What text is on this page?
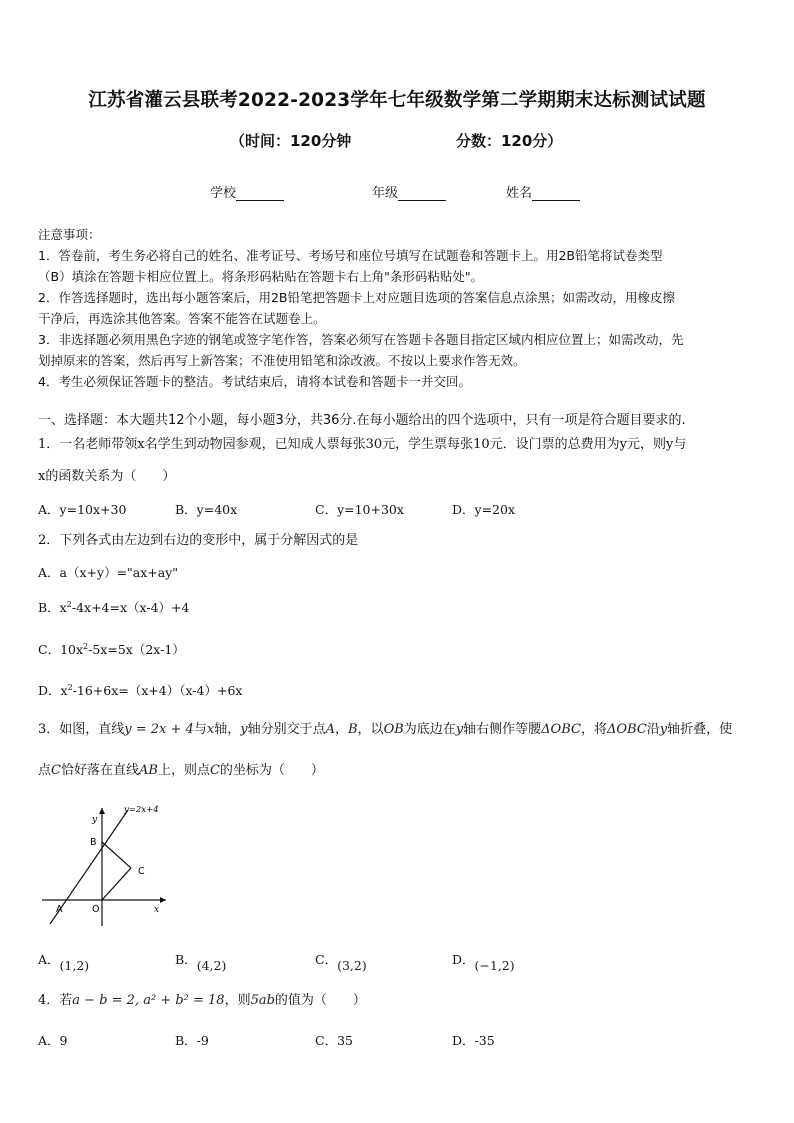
江苏省灌云县联考2022-2023学年七年级数学第二学期期末达标测试试题
（时间：120分钟	分数：120分）
学校	年级	姓名

注意事项：

1．答卷前，考生务必将自己的姓名、准考证号、考场号和座位号填写在试题卷和答题卡上。用2B铅笔将试卷类型

（B）填涂在答题卡相应位置上。将条形码粘贴在答题卡右上角"条形码粘贴处"。

2．作答选择题时，选出每小题答案后，用2B铅笔把答题卡上对应题目选项的答案信息点涂黑；如需改动，用橡皮擦

干净后，再选涂其他答案。答案不能答在试题卷上。

3．非选择题必须用黑色字迹的钢笔或签字笔作答，答案必须写在答题卡各题目指定区域内相应位置上；如需改动，先

划掉原来的答案，然后再写上新答案；不准使用铅笔和涂改液。不按以上要求作答无效。

4．考生必须保证答题卡的整洁。考试结束后，请将本试卷和答题卡一并交回。

一、选择题：本大题共12个小题，每小题3分，共36分.在每小题给出的四个选项中，只有一项是符合题目要求的.
1．一名老师带领x名学生到动物园参观，已知成人票每张30元，学生票每张10元．设门票的总费用为y元，则y与
x的函数关系为（　　）
A．y=10x+30	B．y=40x	C．y=10+30x	D．y=20x
2．下列各式由左边到右边的变形中，属于分解因式的是
A．a（x+y）="ax+ay"
B．$x^2-4x+4=x(x-4)+4$
C．$10x^2-5x=5x(2x-1)$
D．$x^2-16+6x=(x+4)(x-4)+6x$
3．如图，直线y = 2x + 4与x轴，y轴分别交于点A，B，以OB为底边在y轴右侧作等腰ΔOBC，将ΔOBC沿y轴折叠，使
点C恰好落在直线AB上，则点C的坐标为（　　）
y=2x+4
y
B
C
A	O	x
A．(1,2)	B．(4,2)	C．(3,2)	D．(−1,2)
4．若a − b = 2, a² + b² = 18，则5ab的值为（　　）
A．9	B．-9	C．35	D．-35
